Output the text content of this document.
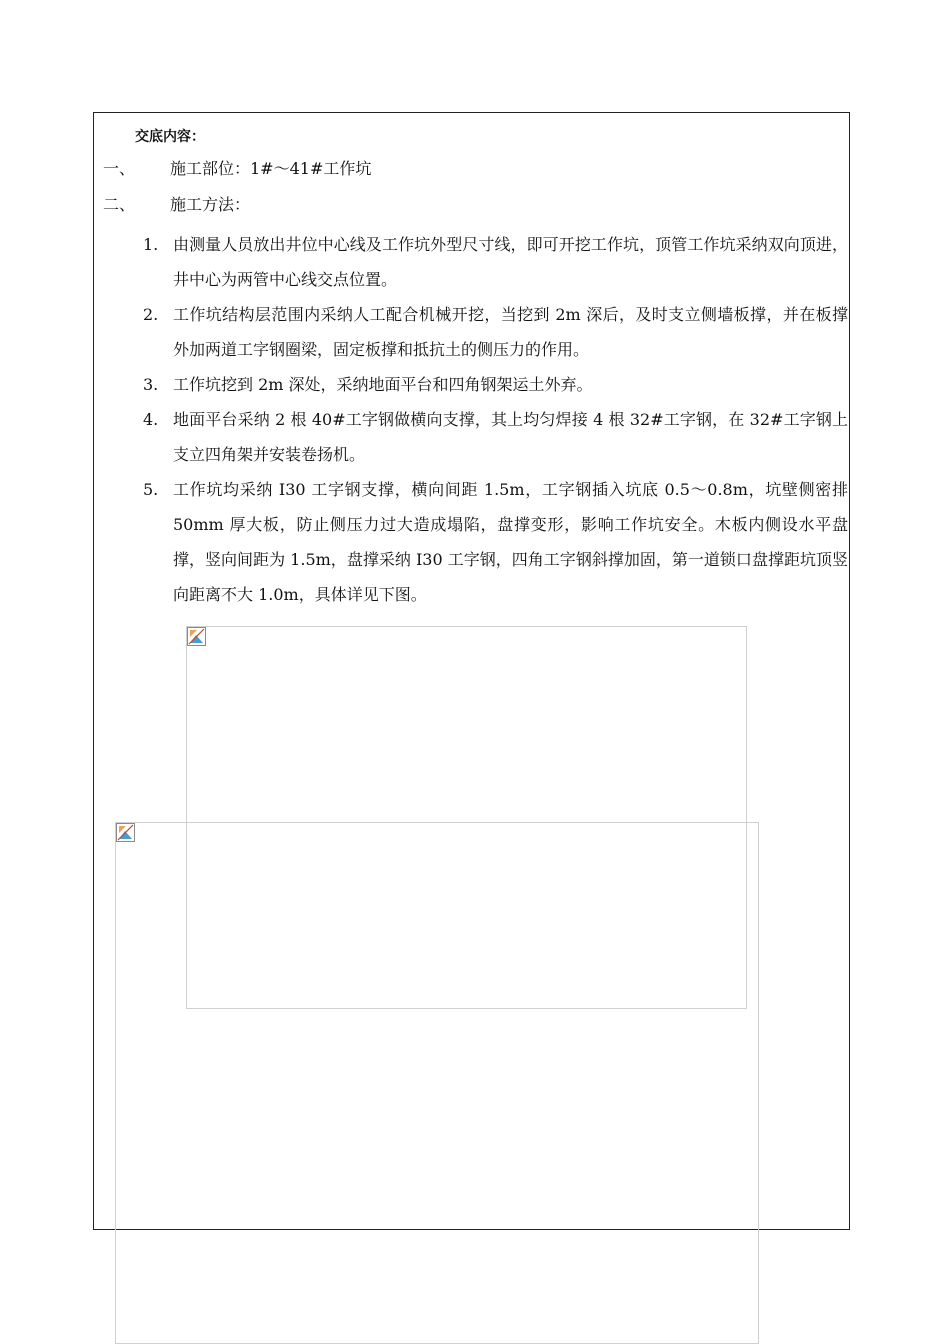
交底内容：

一、 施工部位：1#～41#工作坑
二、 施工方法：
1. 由测量人员放出井位中心线及工作坑外型尺寸线，即可开挖工作坑，顶管工作坑采纳双向顶进，井中心为两管中心线交点位置。
2. 工作坑结构层范围内采纳人工配合机械开挖，当挖到 2m 深后，及时支立侧墙板撑，并在板撑外加两道工字钢圈梁，固定板撑和抵抗土的侧压力的作用。
3. 工作坑挖到 2m 深处，采纳地面平台和四角钢架运土外弃。
4. 地面平台采纳 2 根 40#工字钢做横向支撑，其上均匀焊接 4 根 32#工字钢，在 32#工字钢上支立四角架并安装卷扬机。
5. 工作坑均采纳 I30 工字钢支撑，横向间距 1.5m，工字钢插入坑底 0.5～0.8m，坑壁侧密排 50mm 厚大板，防止侧压力过大造成塌陷，盘撑变形，影响工作坑安全。木板内侧设水平盘撑，竖向间距为 1.5m，盘撑采纳 I30 工字钢，四角工字钢斜撑加固，第一道锁口盘撑距坑顶竖向距离不大 1.0m，具体详见下图。
